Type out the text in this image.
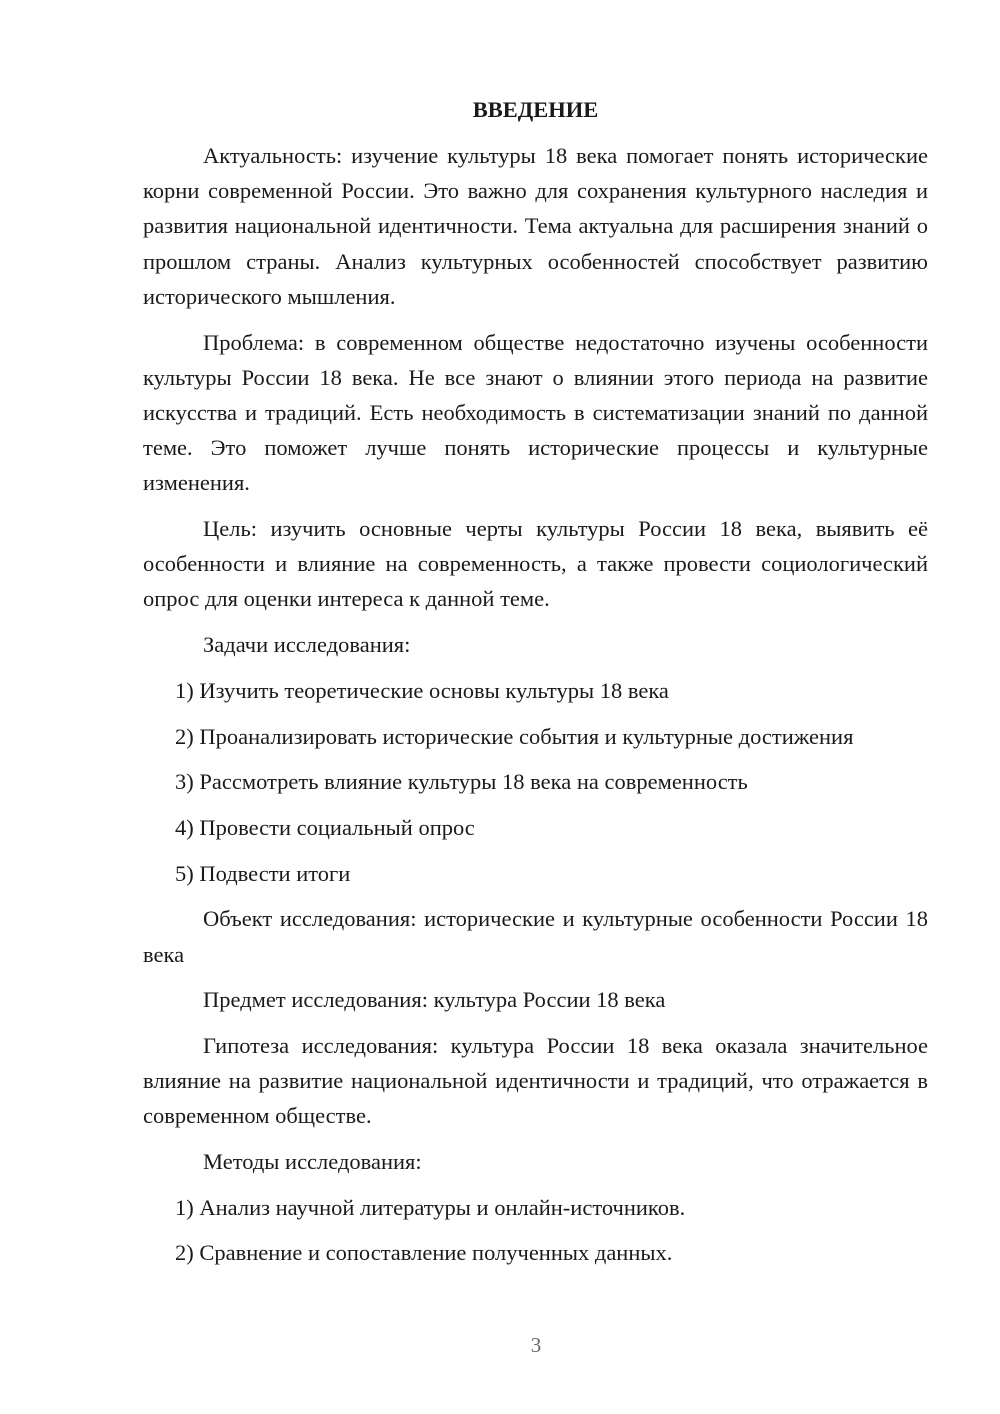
ВВЕДЕНИЕ

Актуальность: изучение культуры 18 века помогает понять исторические корни современной России. Это важно для сохранения культурного наследия и развития национальной идентичности. Тема актуальна для расширения знаний о прошлом страны. Анализ культурных особенностей способствует развитию исторического мышления.

Проблема: в современном обществе недостаточно изучены особенности культуры России 18 века. Не все знают о влиянии этого периода на развитие искусства и традиций. Есть необходимость в систематизации знаний по данной теме. Это поможет лучше понять исторические процессы и культурные изменения.

Цель: изучить основные черты культуры России 18 века, выявить её особенности и влияние на современность, а также провести социологический опрос для оценки интереса к данной теме.

Задачи исследования:

1) Изучить теоретические основы культуры 18 века

2) Проанализировать исторические события и культурные достижения

3) Рассмотреть влияние культуры 18 века на современность

4) Провести социальный опрос

5) Подвести итоги

Объект исследования: исторические и культурные особенности России 18 века

Предмет исследования: культура России 18 века

Гипотеза исследования: культура России 18 века оказала значительное влияние на развитие национальной идентичности и традиций, что отражается в современном обществе.

Методы исследования:

1) Анализ научной литературы и онлайн-источников.

2) Сравнение и сопоставление полученных данных.

3
